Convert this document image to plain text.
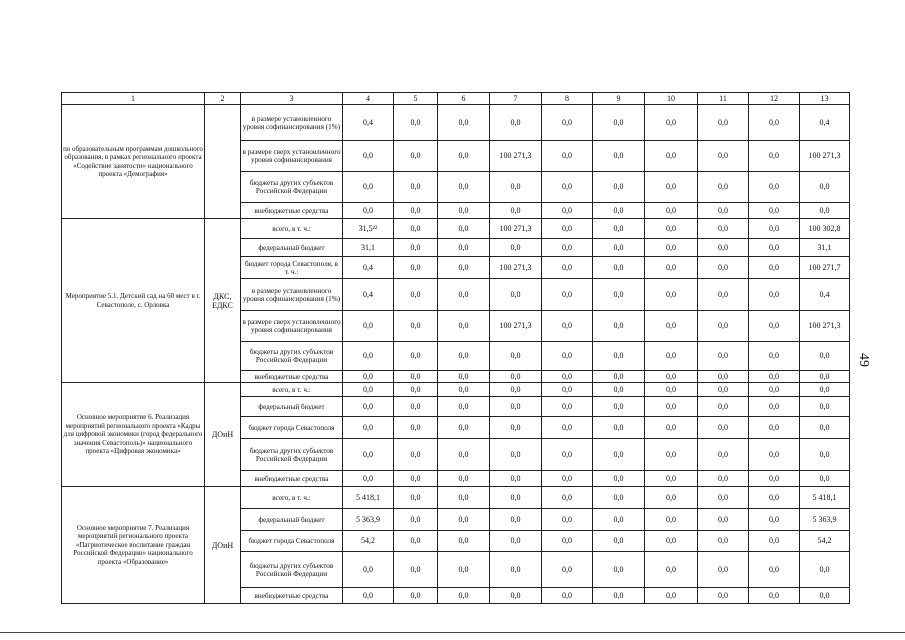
1	2	3	4	5	6	7	8	9	10	11	12	13
по образовательным программам дошкольного образования, в рамках регионального проекта «Содействие занятости» национального проекта «Демография»		в размере установленного уровня софинансирования (1%)	0,4	0,0	0,0	0,0	0,0	0,0	0,0	0,0	0,0	0,4
		в размере сверх установленного уровня софинансирования	0,0	0,0	0,0	100 271,3	0,0	0,0	0,0	0,0	0,0	100 271,3
		бюджеты других субъектов Российской Федерации	0,0	0,0	0,0	0,0	0,0	0,0	0,0	0,0	0,0	0,0
		внебюджетные средства	0,0	0,0	0,0	0,0	0,0	0,0	0,0	0,0	0,0	0,0
Мероприятие 5.1. Детский сад на 60 мест в г. Севастополе, с. Орловка	ДКС, ЕДКС	всего, в т. ч.:	31,5²²	0,0	0,0	100 271,3	0,0	0,0	0,0	0,0	0,0	100 302,8
		федеральный бюджет	31,1	0,0	0,0	0,0	0,0	0,0	0,0	0,0	0,0	31,1
		бюджет города Севастополя, в т. ч.:	0,4	0,0	0,0	100 271,3	0,0	0,0	0,0	0,0	0,0	100 271,7
		в размере установленного уровня софинансирования (1%)	0,4	0,0	0,0	0,0	0,0	0,0	0,0	0,0	0,0	0,4
		в размере сверх установленного уровня софинансирования	0,0	0,0	0,0	100 271,3	0,0	0,0	0,0	0,0	0,0	100 271,3
		бюджеты других субъектов Российской Федерации	0,0	0,0	0,0	0,0	0,0	0,0	0,0	0,0	0,0	0,0
		внебюджетные средства	0,0	0,0	0,0	0,0	0,0	0,0	0,0	0,0	0,0	0,0
Основное мероприятие 6. Реализация мероприятий регионального проекта «Кадры для цифровой экономики (город федерального значения Севастополь)» национального проекта «Цифровая экономика»	ДОиН	всего, в т. ч.:	0,0	0,0	0,0	0,0	0,0	0,0	0,0	0,0	0,0	0,0
		федеральный бюджет	0,0	0,0	0,0	0,0	0,0	0,0	0,0	0,0	0,0	0,0
		бюджет города Севастополя	0,0	0,0	0,0	0,0	0,0	0,0	0,0	0,0	0,0	0,0
		бюджеты других субъектов Российской Федерации	0,0	0,0	0,0	0,0	0,0	0,0	0,0	0,0	0,0	0,0
		внебюджетные средства	0,0	0,0	0,0	0,0	0,0	0,0	0,0	0,0	0,0	0,0
Основное мероприятие 7. Реализация мероприятий регионального проекта «Патриотическое воспитание граждан Российской Федерации» национального проекта «Образование»	ДОиН	всего, в т. ч.:	5 418,1	0,0	0,0	0,0	0,0	0,0	0,0	0,0	0,0	5 418,1
		федеральный бюджет	5 363,9	0,0	0,0	0,0	0,0	0,0	0,0	0,0	0,0	5 363,9
		бюджет города Севастополя	54,2	0,0	0,0	0,0	0,0	0,0	0,0	0,0	0,0	54,2
		бюджеты других субъектов Российской Федерации	0,0	0,0	0,0	0,0	0,0	0,0	0,0	0,0	0,0	0,0
		внебюджетные средства	0,0	0,0	0,0	0,0	0,0	0,0	0,0	0,0	0,0	0,0
49
